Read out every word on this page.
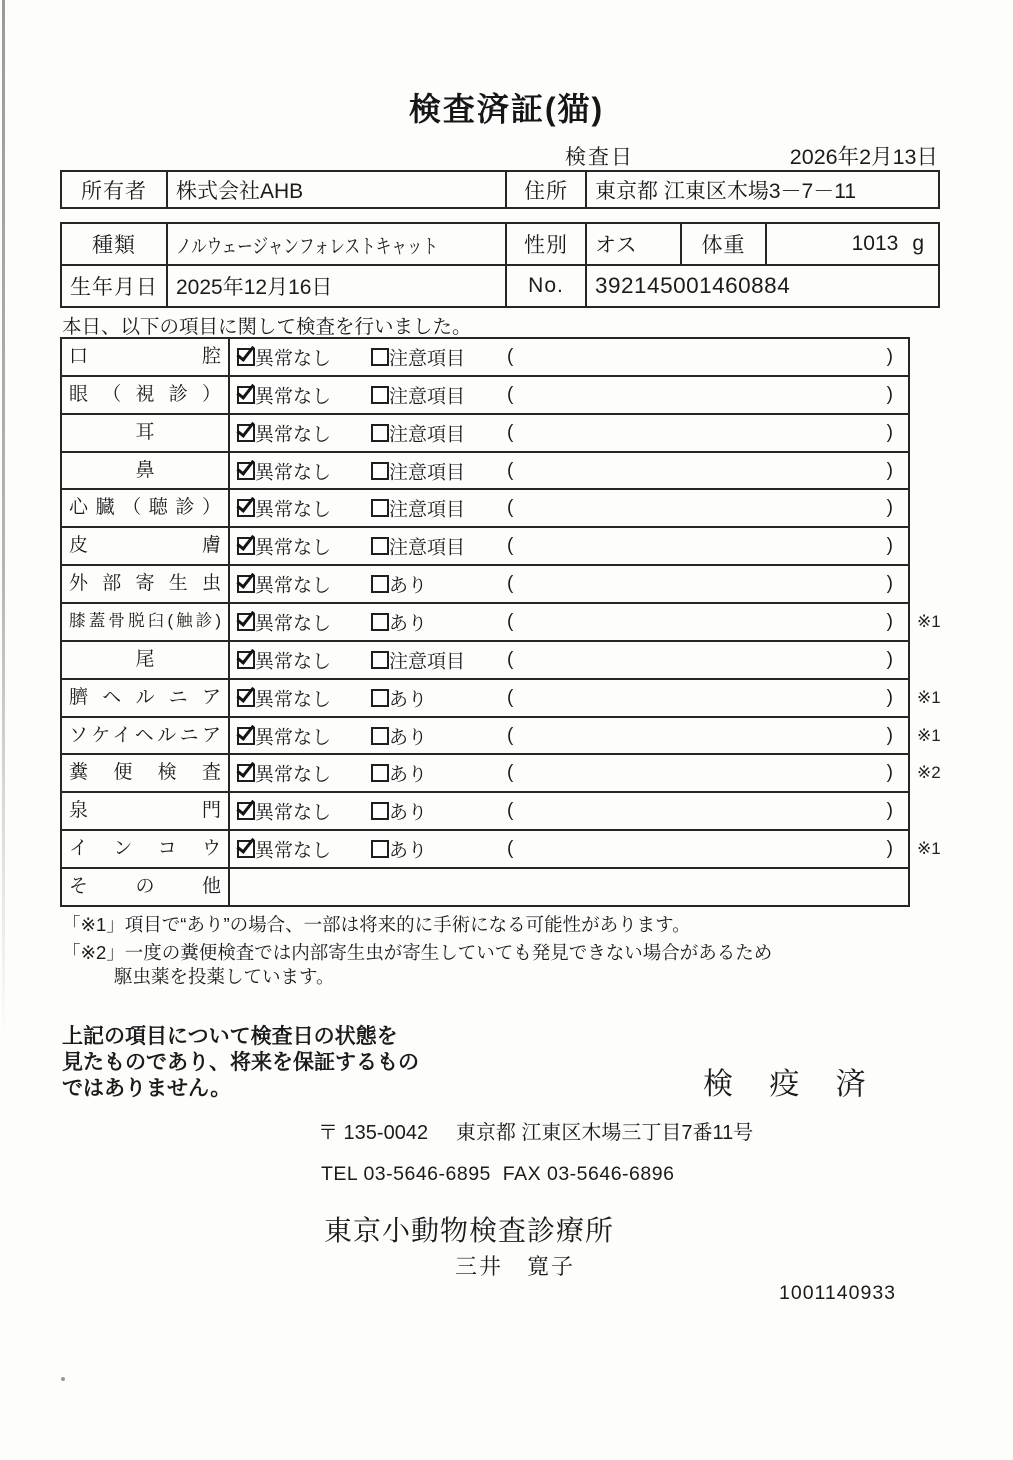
検査済証(猫)
検査日	2026年2月13日
所有者	株式会社AHB	住所	東京都 江東区木場3－7－11
種類	ノルウェージャンフォレストキャット	性別	オス	体重	1013 g
生年月日 2025年12月16日	No.	392145001460884
本日、以下の項目に関して検査を行いました。
口腔	異常なし	注意項目 (	)
眼（視診）	異常なし	注意項目 (	)
耳	異常なし	注意項目 (	)
鼻	異常なし	注意項目 (	)
心臓（聴診）	異常なし	注意項目 (	)
皮膚	異常なし	注意項目 (	)
外部寄生虫	異常なし	あり	(	)
膝蓋骨脱臼(触診)	異常なし	あり	(	) ※1
尾	異常なし	注意項目 (	)
臍ヘルニア	異常なし	あり	(	) ※1
ソケイヘルニア	異常なし	あり	(	) ※1
糞便検査	異常なし	あり	(	) ※2
泉門	異常なし	あり	(	)
インコウ	異常なし	あり	(	) ※1
その他
「※1」項目で“あり”の場合、一部は将来的に手術になる可能性があります。
「※2」一度の糞便検査では内部寄生虫が寄生していても発見できない場合があるため
駆虫薬を投薬しています。
上記の項目について検査日の状態を
見たものであり、将来を保証するもの
ではありません。	検 疫 済
〒 135-0042     東京都 江東区木場三丁目7番11号
TEL 03-5646-6895  FAX 03-5646-6896
東京小動物検査診療所
三井　寛子
1001140933
